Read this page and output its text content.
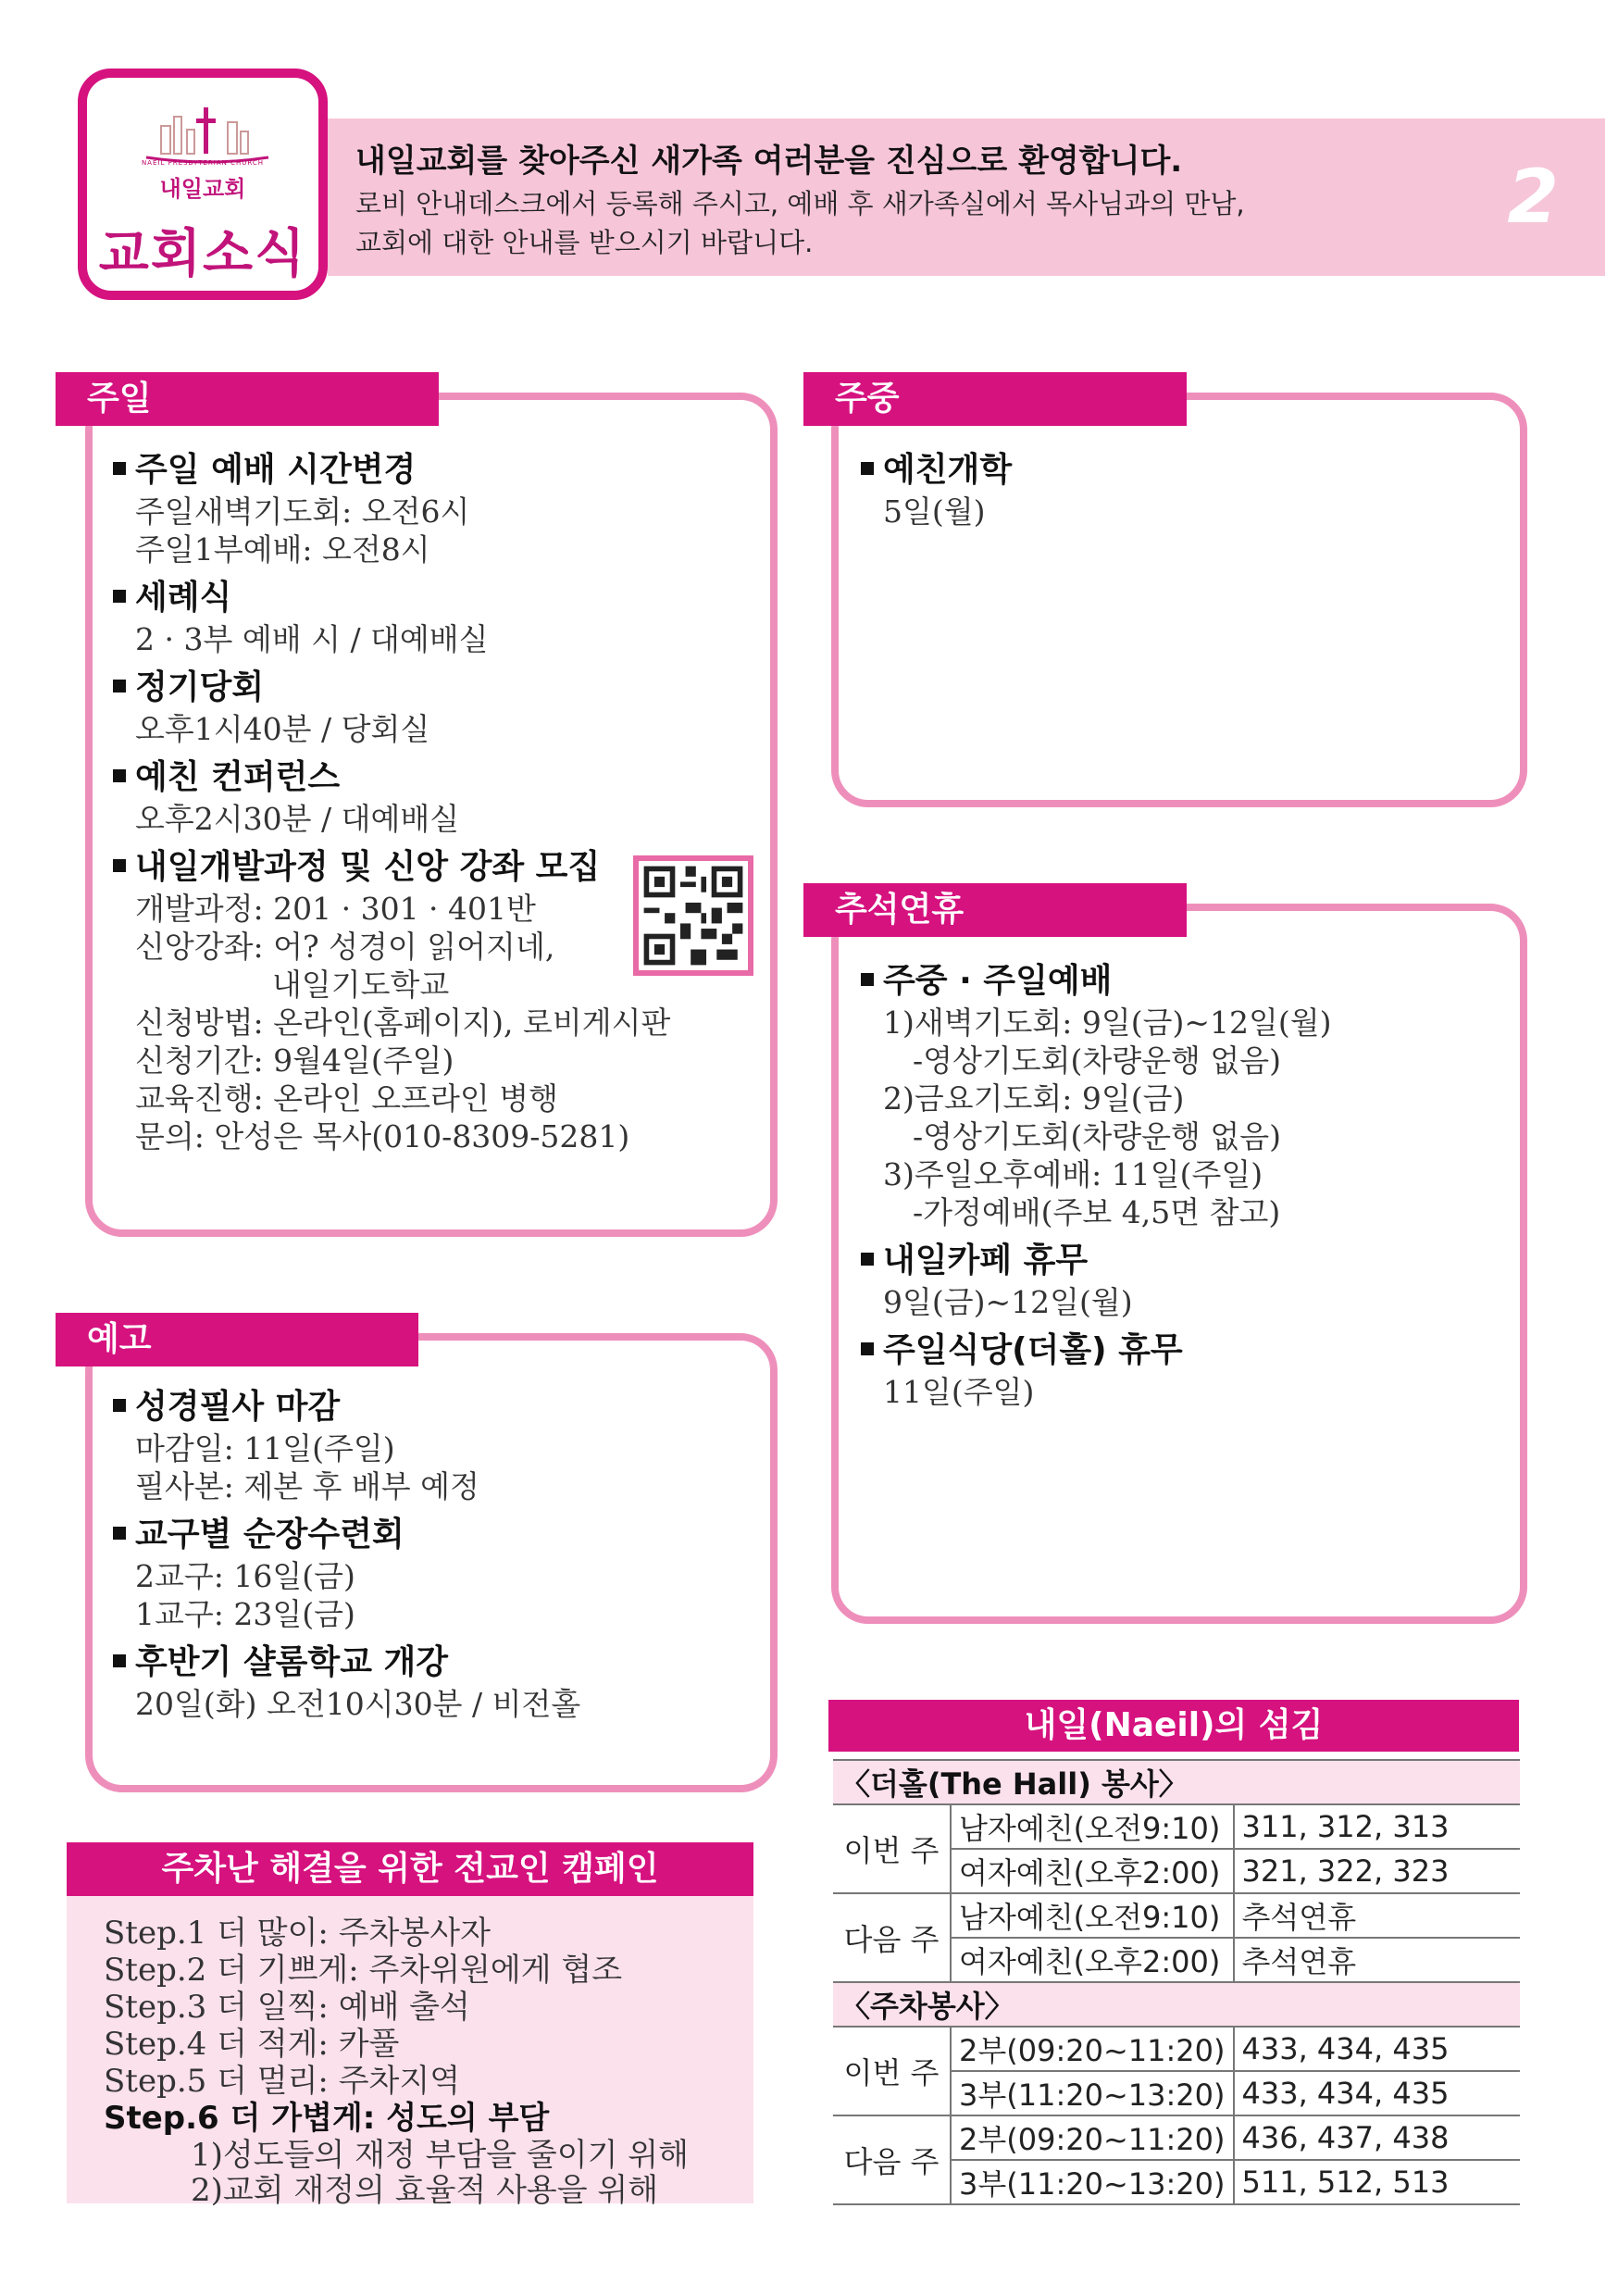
NAEIL PRESBYTERIAN CHURCH
내일교회
교회소식
내일교회를 찾아주신 새가족 여러분을 진심으로 환영합니다.
로비 안내데스크에서 등록해 주시고, 예배 후 새가족실에서 목사님과의 만남,
교회에 대한 안내를 받으시기 바랍니다.
2
주일
주일 예배 시간변경
주일새벽기도회: 오전6시
주일1부예배: 오전8시
세례식
2 · 3부 예배 시 / 대예배실
정기당회
오후1시40분 / 당회실
예친 컨퍼런스
오후2시30분 / 대예배실
내일개발과정 및 신앙 강좌 모집
개발과정: 201 · 301 · 401반
신앙강좌: 어? 성경이 읽어지네,
내일기도학교
신청방법: 온라인(홈페이지), 로비게시판
신청기간: 9월4일(주일)
교육진행: 온라인 오프라인 병행
문의: 안성은 목사(010-8309-5281)
주중
예친개학
5일(월)
추석연휴
주중 · 주일예배
1)새벽기도회: 9일(금)~12일(월)
-영상기도회(차량운행 없음)
2)금요기도회: 9일(금)
-영상기도회(차량운행 없음)
3)주일오후예배: 11일(주일)
-가정예배(주보 4,5면 참고)
내일카페 휴무
9일(금)~12일(월)
주일식당(더홀) 휴무
11일(주일)
예고
성경필사 마감
마감일: 11일(주일)
필사본: 제본 후 배부 예정
교구별 순장수련회
2교구: 16일(금)
1교구: 23일(금)
후반기 샬롬학교 개강
20일(화) 오전10시30분 / 비전홀
주차난 해결을 위한 전교인 캠페인
Step.1 더 많이: 주차봉사자
Step.2 더 기쁘게: 주차위원에게 협조
Step.3 더 일찍: 예배 출석
Step.4 더 적게: 카풀
Step.5 더 멀리: 주차지역
Step.6 더 가볍게: 성도의 부담
1)성도들의 재정 부담을 줄이기 위해
2)교회 재정의 효율적 사용을 위해
내일(Naeil)의 섬김
〈더홀(The Hall) 봉사〉		
이번 주	남자예친(오전9:10)	311, 312, 313
	여자예친(오후2:00)	321, 322, 323
다음 주	남자예친(오전9:10)	추석연휴
	여자예친(오후2:00)	추석연휴
〈주차봉사〉		
이번 주	2부(09:20~11:20)	433, 434, 435
	3부(11:20~13:20)	433, 434, 435
다음 주	2부(09:20~11:20)	436, 437, 438
	3부(11:20~13:20)	511, 512, 513
